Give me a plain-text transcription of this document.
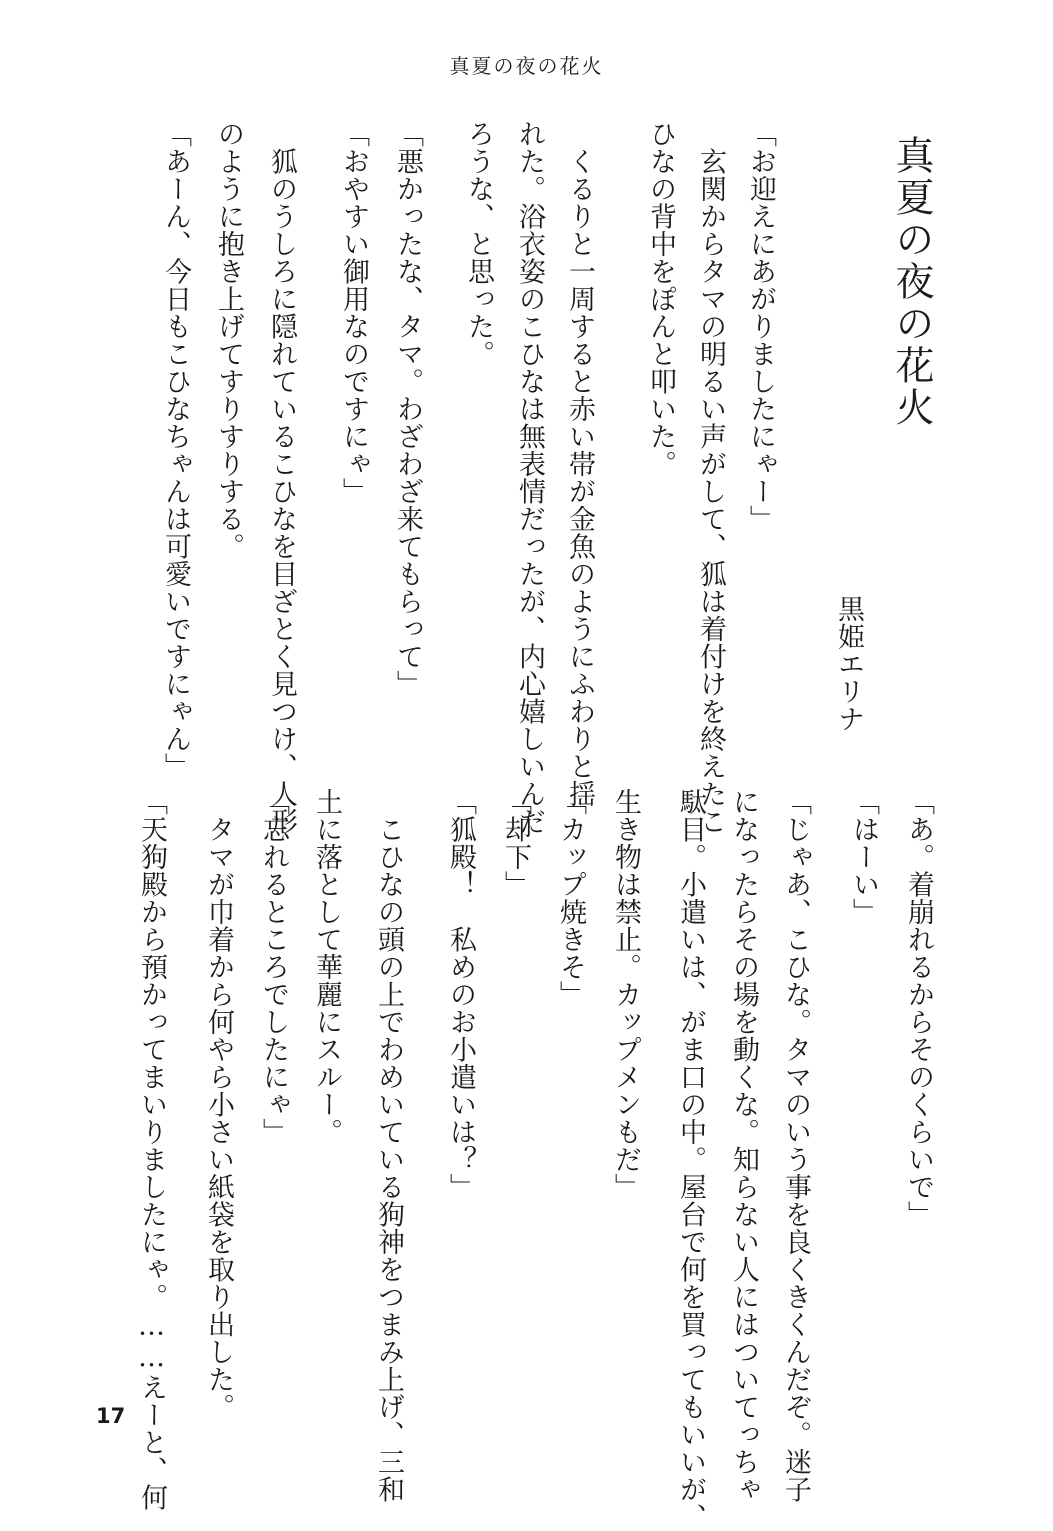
真夏の夜の花火
真夏の夜の花火
黒姫エリナ
「お迎えにあがりましたにゃー」
　玄関からタマの明るい声がして、狐は着付けを終えたこ
ひなの背中をぽんと叩いた。
　くるりと一周すると赤い帯が金魚のようにふわりと揺
れた。浴衣姿のこひなは無表情だったが、内心嬉しいんだ
ろうな、と思った。
「悪かったな、タマ。わざわざ来てもらって」
「おやすい御用なのですにゃ」
　狐のうしろに隠れているこひなを目ざとく見つけ、人形
のように抱き上げてすりすりする。
「あーん、今日もこひなちゃんは可愛いですにゃん」
「あ。着崩れるからそのくらいで」
「はーい」
「じゃあ、こひな。タマのいう事を良くきくんだぞ。迷子
になったらその場を動くな。知らない人にはついてっちゃ
駄目。小遣いは、がま口の中。屋台で何を買ってもいいが、
生き物は禁止。カップメンもだ」
「カップ焼きそ」
「却下」
「狐殿！　私めのお小遣いは？」
　こひなの頭の上でわめいている狗神をつまみ上げ、三和
土に落として華麗にスルー。
「忘れるところでしたにゃ」
　タマが巾着から何やら小さい紙袋を取り出した。
「天狗殿から預かってまいりましたにゃ。……えーと、何
17
